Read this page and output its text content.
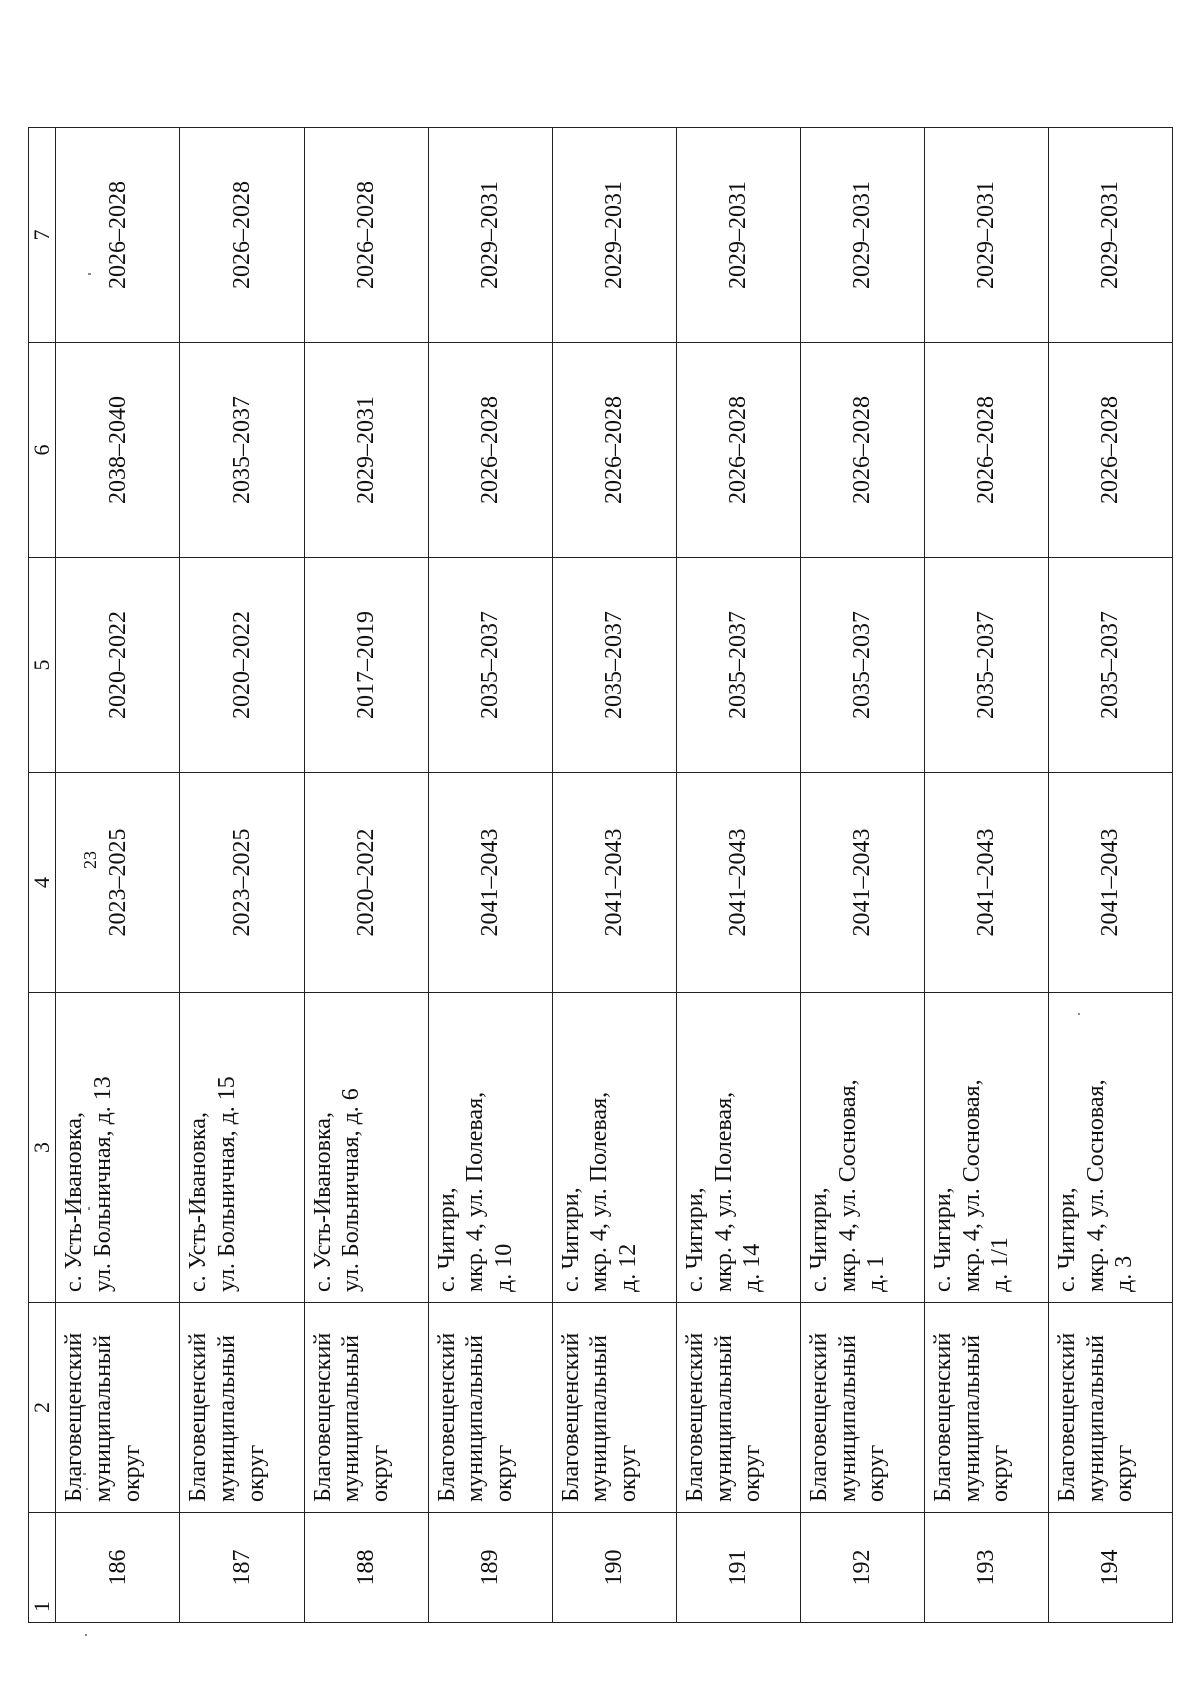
23
1	2	3	4	5	6	7
186	Благовещенский
муниципальный
округ	с. Усть-Ивановка,
ул. Больничная, д. 13	2023–2025	2020–2022	2038–2040	2026–2028
187	Благовещенский
муниципальный
округ	с. Усть-Ивановка,
ул. Больничная, д. 15	2023–2025	2020–2022	2035–2037	2026–2028
188	Благовещенский
муниципальный
округ	с. Усть-Ивановка,
ул. Больничная, д. 6	2020–2022	2017–2019	2029–2031	2026–2028
189	Благовещенский
муниципальный
округ	с. Чигири,
мкр. 4, ул. Полевая,
д. 10	2041–2043	2035–2037	2026–2028	2029–2031
190	Благовещенский
муниципальный
округ	с. Чигири,
мкр. 4, ул. Полевая,
д. 12	2041–2043	2035–2037	2026–2028	2029–2031
191	Благовещенский
муниципальный
округ	с. Чигири,
мкр. 4, ул. Полевая,
д. 14	2041–2043	2035–2037	2026–2028	2029–2031
192	Благовещенский
муниципальный
округ	с. Чигири,
мкр. 4, ул. Сосновая,
д. 1	2041–2043	2035–2037	2026–2028	2029–2031
193	Благовещенский
муниципальный
округ	с. Чигири,
мкр. 4, ул. Сосновая,
д. 1/1	2041–2043	2035–2037	2026–2028	2029–2031
194	Благовещенский
муниципальный
округ	с. Чигири,
мкр. 4, ул. Сосновая,
д. 3	2041–2043	2035–2037	2026–2028	2029–2031
